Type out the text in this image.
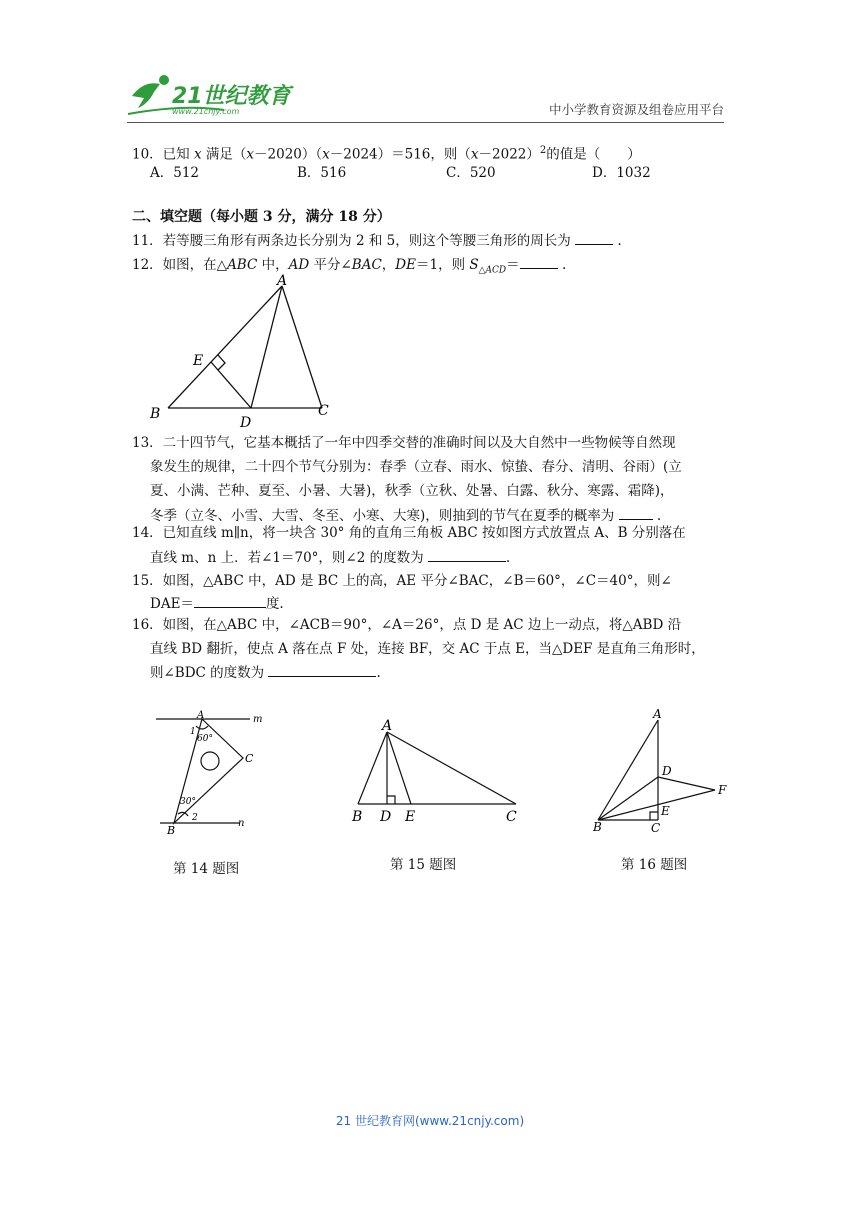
21世纪教育
www.21cnjy.com	中小学教育资源及组卷应用平台
10．已知 x 满足（x－2020）（x－2024）＝516，则$(x-2022)^2$的值是（　　）
A．512	B．516	C．520	D．1032
二、填空题（每小题 3 分，满分 18 分）
11．若等腰三角形有两条边长分别为 2 和 5，则这个等腰三角形的周长为	.
12．如图，在△ABC 中，AD 平分∠BAC，DE＝1，则 $S_{\triangle ACD}=$	.
A
B	C
D
E
13．二十四节气，它基本概括了一年中四季交替的准确时间以及大自然中一些物候等自然现
象发生的规律，二十四个节气分别为：春季（立春、雨水、惊蛰、春分、清明、谷雨）(立
夏、小满、芒种、夏至、小暑、大暑)，秋季（立秋、处暑、白露、秋分、寒露、霜降)，
冬季（立冬、小雪、大雪、冬至、小寒、大寒)，则抽到的节气在夏季的概率为	.
14．已知直线 m∥n，将一块含 30° 角的直角三角板 ABC 按如图方式放置点 A、B 分别落在
直线 m、n 上．若∠1＝70°，则∠2 的度数为	.
15．如图，△ABC 中，AD 是 BC 上的高，AE 平分∠BAC，∠B＝60°，∠C＝40°，则∠
DAE＝	度.
16．如图，在△ABC 中，∠ACB＝90°，∠A＝26°，点 D 是 AC 边上一动点，将△ABD 沿
直线 BD 翻折，使点 A 落在点 F 处，连接 BF，交 AC 于点 E，当△DEF 是直角三角形时，
则∠BDC 的度数为	.
A
C
B
m
n
1
60°
30°
2
第 14 题图
A
B D E	C
第 15 题图
A
D
F
E
B	C
第 16 题图
21 世纪教育网(www.21cnjy.com)
